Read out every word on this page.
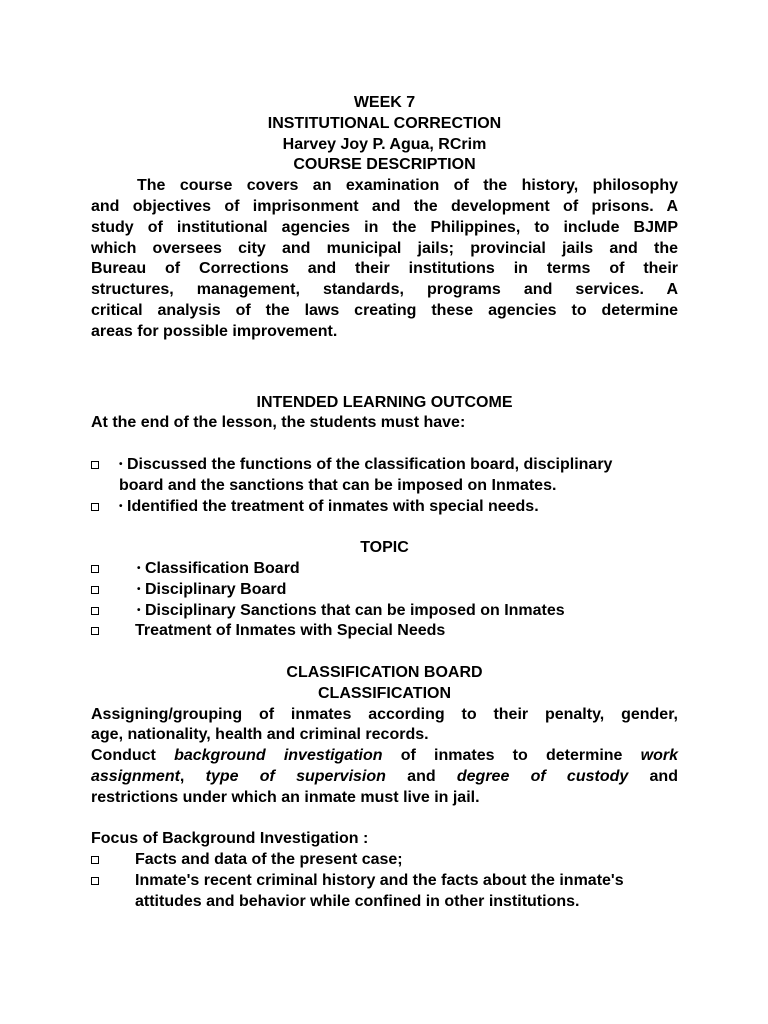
WEEK 7
INSTITUTIONAL CORRECTION
Harvey Joy P. Agua, RCrim
COURSE DESCRIPTION
The course covers an examination of the history, philosophy
and objectives of imprisonment and the development of prisons. A
study of institutional agencies in the Philippines, to include BJMP
which oversees city and municipal jails; provincial jails and the
Bureau of Corrections and their institutions in terms of their
structures, management, standards, programs and services. A
critical analysis of the laws creating these agencies to determine
areas for possible improvement.
INTENDED LEARNING OUTCOME
At the end of the lesson, the students must have:
• Discussed the functions of the classification board, disciplinary
board and the sanctions that can be imposed on Inmates.
• Identified the treatment of inmates with special needs.
TOPIC
• Classification Board
• Disciplinary Board
• Disciplinary Sanctions that can be imposed on Inmates
Treatment of Inmates with Special Needs
CLASSIFICATION BOARD
CLASSIFICATION
Assigning/grouping of inmates according to their penalty, gender,
age, nationality, health and criminal records.
Conduct background investigation of inmates to determine work
assignment, type of supervision and degree of custody and
restrictions under which an inmate must live in jail.
Focus of Background Investigation :
Facts and data of the present case;
Inmate's recent criminal history and the facts about the inmate's
attitudes and behavior while confined in other institutions.
